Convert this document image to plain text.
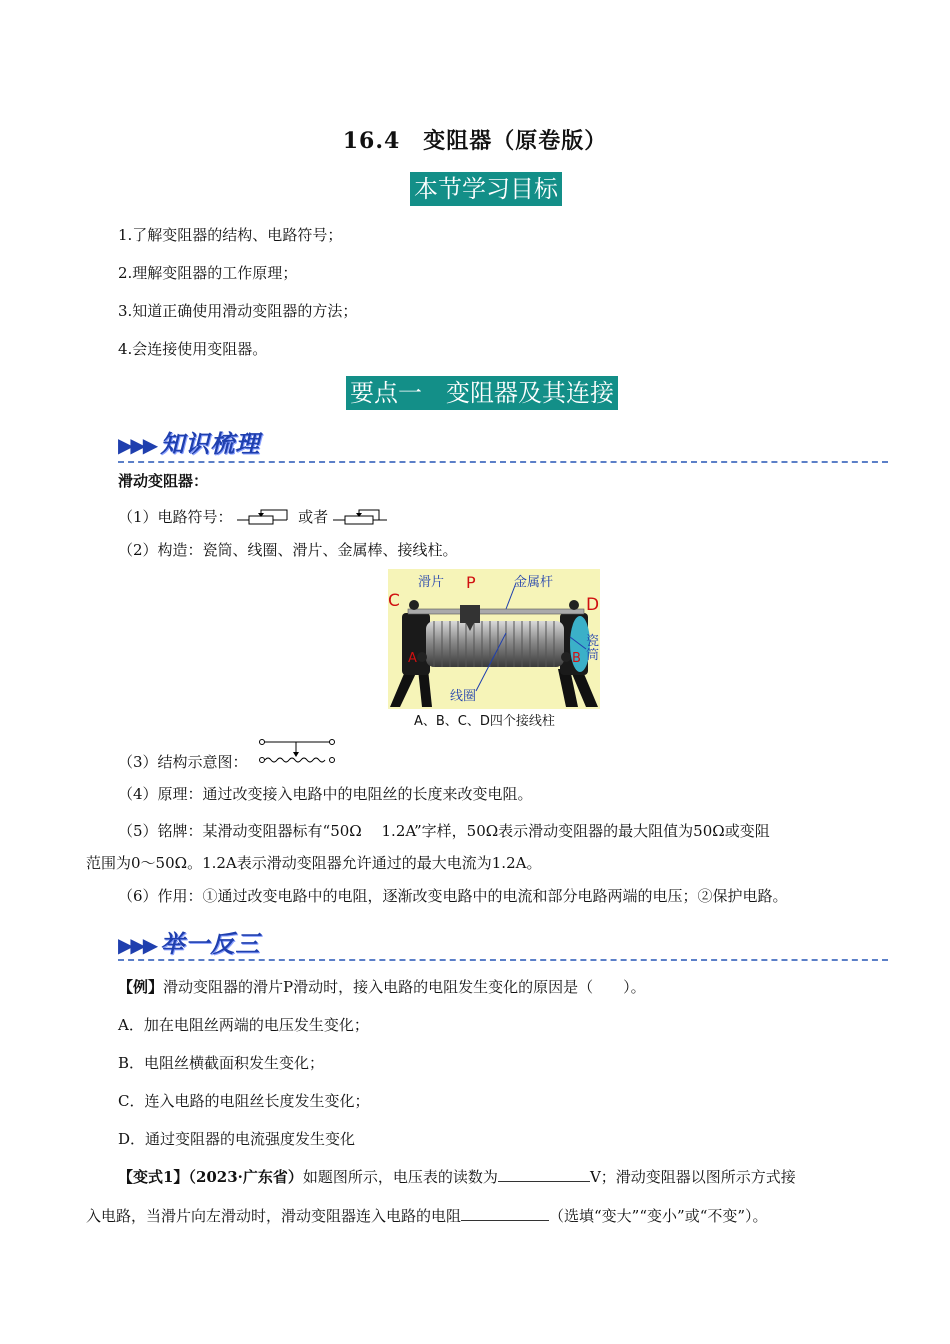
16.4　变阻器（原卷版）
本节学习目标
1.了解变阻器的结构、电路符号；
2.理解变阻器的工作原理；
3.知道正确使用滑动变阻器的方法；
4.会连接使用变阻器。
要点一　变阻器及其连接
▶▶▶ 知识梳理
滑动变阻器：
（1）电路符号：	或者
（2）构造：瓷筒、线圈、滑片、金属棒、接线柱。
滑片 P	金属杆
C	D
A	B
瓷筒
线圈
A、B、C、D四个接线柱
（3）结构示意图：
（4）原理：通过改变接入电路中的电阻丝的长度来改变电阻。
（5）铭牌：某滑动变阻器标有“50Ω　 1.2A”字样，50Ω表示滑动变阻器的最大阻值为50Ω或变阻
范围为0～50Ω。1.2A表示滑动变阻器允许通过的最大电流为1.2A。
（6）作用：①通过改变电路中的电阻，逐渐改变电路中的电流和部分电路两端的电压；②保护电路。
▶▶▶ 举一反三
【例】滑动变阻器的滑片P滑动时，接入电路的电阻发生变化的原因是（　　）。
A．加在电阻丝两端的电压发生变化；
B．电阻丝横截面积发生变化；
C．连入电路的电阻丝长度发生变化；
D．通过变阻器的电流强度发生变化
【变式1】（2023·广东省）如题图所示，电压表的读数为	V；滑动变阻器以图所示方式接
入电路，当滑片向左滑动时，滑动变阻器连入电路的电阻	（选填“变大”“变小”或“不变”）。
